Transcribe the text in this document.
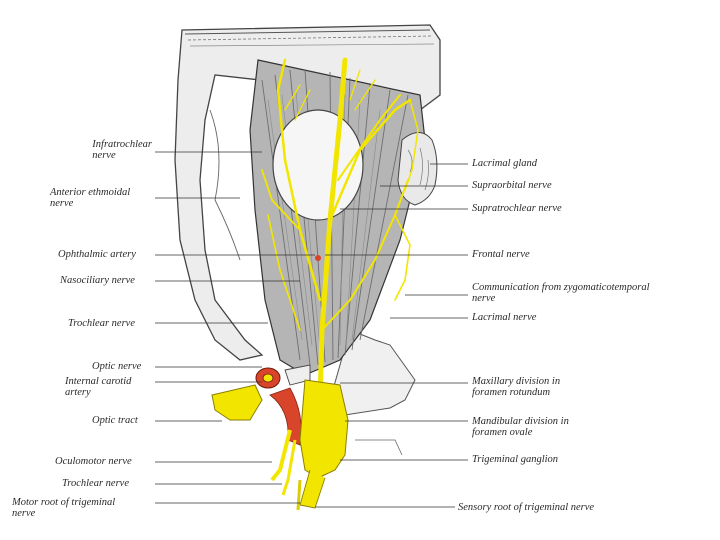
Infratrochlear
nerve
Anterior ethmoidal
nerve
Ophthalmic artery
Nasociliary nerve
Trochlear nerve
Optic nerve
Internal carotid
artery
Optic tract
Oculomotor nerve
Trochlear nerve
Motor root of trigeminal
nerve
Lacrimal gland
Supraorbital nerve
Supratrochlear nerve
Frontal nerve
Communication from zygomaticotemporal
nerve
Lacrimal nerve
Maxillary division in
foramen rotundum
Mandibular division in
foramen ovale
Trigeminal ganglion
Sensory root of trigeminal nerve
